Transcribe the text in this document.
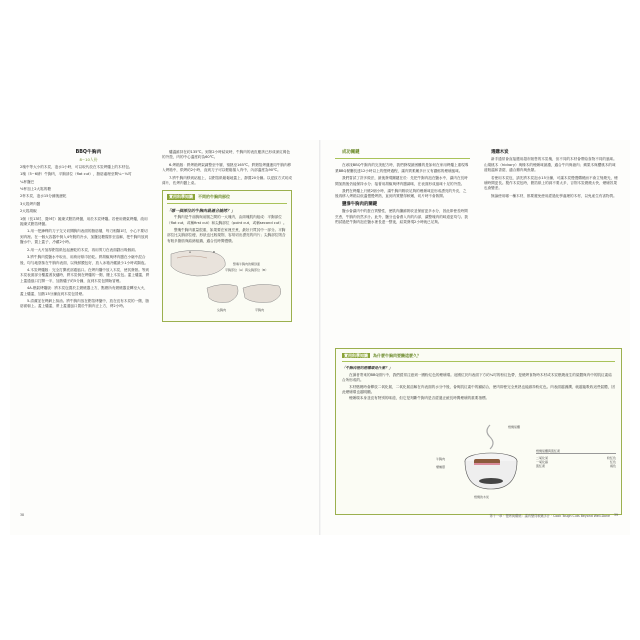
BBQ牛胸肉

8~10人份

2塊中等大小的木炭，泡水1小時，可以取代放在木炭烤爐上的木材包。

1塊（5~6磅）牛胸肉，平胸部位（flat cut），脂肪處理至剩¼~⅛吋

¼杯鹽巴

½杯加上2大匙的糖

2杯木炭，泡水15分鐘後瀝乾

3大匙烤肉醬

2大匙胡椒

1個（長13吋、寬9吋）拋棄式鋁箔烤盤，用於木炭烤爐。若使用燃氣烤爐，改用拋棄式鋁箔烤盤。

1.用一把鋒利的刀子交叉切開胸肉表面的脂肪層，每刀相隔1吋，小心不要切到肉裡。在一個大容器中倒入4夸脫的冷水，加鹽及糖攪拌至溶解，把牛胸肉放到鹽水中，置上蓋子，冷藏2小時。

2.用一大片加厚鋁箔紙包起瀝乾的木炭，再用剪刀在表面戳出幾個洞。

3.將牛胸肉從鹽水中取出，用廚房紙巾拍乾。將胡椒與烤肉醬在小碗中混合後，均勻地塗抹在牛胸肉表面，以保鮮膜包好，放入冰箱冷藏最少1小時或隔夜。

4.木炭烤爐版：完全打開底部通風口。在烤肉爐中放入木炭，使其發熱。等到木炭表面部分覆蓋著灰燼時，將木炭倒在烤爐的一側，擺上木炭包。蓋上爐蓋，將上蓋通風口打開一半，加熱爐子約5分鐘，直到木炭包開始冒煙。

4A.燃氣烤爐版：將木炭包置於主燃燒器上方，點燃所有燃燒器並轉至大火，蓋上爐蓋，加熱15分鐘直到木炭包冒煙。

5.清潔並在烤網上抹油。將牛胸肉放在鋁箔烤盤中，放在沒有木炭的一側，脂肪面朝上。蓋上爐蓋，將上蓋通風口置於牛胸肉正上方，烤2小時。

爐溫維持在約135℃。到第2小時結束時，牛胸肉的表皮應該已形成深紅褐色的外殼，肉的中心溫度約為60℃。

6.烤箱版：將烤箱烤架調整至中層，預熱至165℃。將鋁箔烤盤連同牛胸肉移入烤箱中，烘烤約2小時，直到刀子可以輕鬆插入肉中，內部溫度為90℃。

7.將牛胸肉移到砧板上，以鋁箔紙鬆鬆地蓋上，靜置20分鐘。以逆紋方式切成薄片，佐烤肉醬上桌。

實用科學知識	不同的牛胸肉部位

「哪一個部位的牛胸肉最適合燒烤？」

牛胸肉是牛前胸與前腿之間的一大塊肉，由兩塊肌肉組成：平胸部位（flat cut，或稱first cut）和尖胸部位（point cut，或稱second cut）。

整塊牛胸肉重量很重，如果要在家裡烹煮，最好只買其中一部分。平胸部位比尖胸部位瘦，形狀也比較規則，容易切出漂亮的肉片；尖胸部位則含有較多脂肪與結締組織，適合長時間慢燉。

A	B
整塊牛胸肉的橫剖面
平胸部位（A）與尖胸部位（B）
尖胸肉	平胸肉

成功關鍵

在尋找BBQ牛胸肉的完美配方時，我們發現最困難的是如何在家用烤爐上重現專業BBQ餐廳長達12小時以上的慢烤過程，讓肉質柔嫩多汁又有濃郁的煙燻風味。

我們嘗試了許多做法，最後發現關鍵在於：先把牛胸肉泡在鹽水中，讓肉在長時間加熱後仍能保持水分；接著用胡椒與烤肉醬調味，在表面形成風味十足的外殼。

我們在烤爐上只燒2個小時，讓牛胸肉吸收足夠的煙燻味並形成漂亮的外皮，之後再移入烤箱以低溫慢慢烤熟，直到肉質變得軟嫩，切片時不會散開。

鹽滲牛胸肉的關鍵

鹽水會讓肉中的蛋白質變性，使肌肉纖維吸收並保留更多水分，因此即使長時間烹煮，牛胸肉仍然多汁。此外，鹽分也會滲入肉的內部，讓整塊肉的味道更均勻。我們試過把牛胸肉泡在鹽水裡長達一整夜，結果發現2小時就已足夠。

選購木炭

新手通常會直接選用超市販售的木炭塊，但不同的木材會帶給食物不同的風味。山胡桃木（hickory）與橡木的煙燻味最濃，適合牛肉與豬肉；蘋果木與櫻桃木的味道較溫和香甜，適合雞肉與魚類。

若使用木炭包，請先將木炭泡水15分鐘，可讓木炭慢慢燜燒而不會立刻燒光，煙燻時間更長。製作木炭包時，鋁箔紙上的洞不要太多，否則木炭燃燒太快，煙燻效果也會變差。

無論使用哪一種木材，都要避免使用經過化學處理的木材，以免產生有害物質。

實用科學知識	為什麼牛胸肉要醃這麼久？

「牛胸肉裡的煙燻環是什麼？」

在讀者寄來的BBQ照片中，我們經常注意到一圈粉紅色的煙燻環。這圈位於肉表面下方約¼吋的粉紅色帶，是燒烤食物時木材或木炭燃燒產生的氣體與肉中的肌紅素結合所形成的。

木材燃燒時會釋放二氧化氮，二氧化氮溶解在肉表面的水分中後，會與肌紅素中的鐵結合，使肉即使完全煮熟也能維持粉紅色。肉表面越濕潤，就越能吸收這些氣體，因此煙燻環也越明顯。

煙燻環本身並沒有特別的味道，但它是判斷牛胸肉是否經過正統長時間煙燻的重要指標。

燃燒氣體
牛胸肉
煙燻環
燃燒的木炭
燃燒氣體與肌紅素
二氧化氮	粉紅色
一氧化碳	紅色
肌紅素	褐色
38	第十一章・慢烤與燜燒：讓肉變得軟嫩多汁 · Cook Tough Cuts Beyond Well-Done 39
